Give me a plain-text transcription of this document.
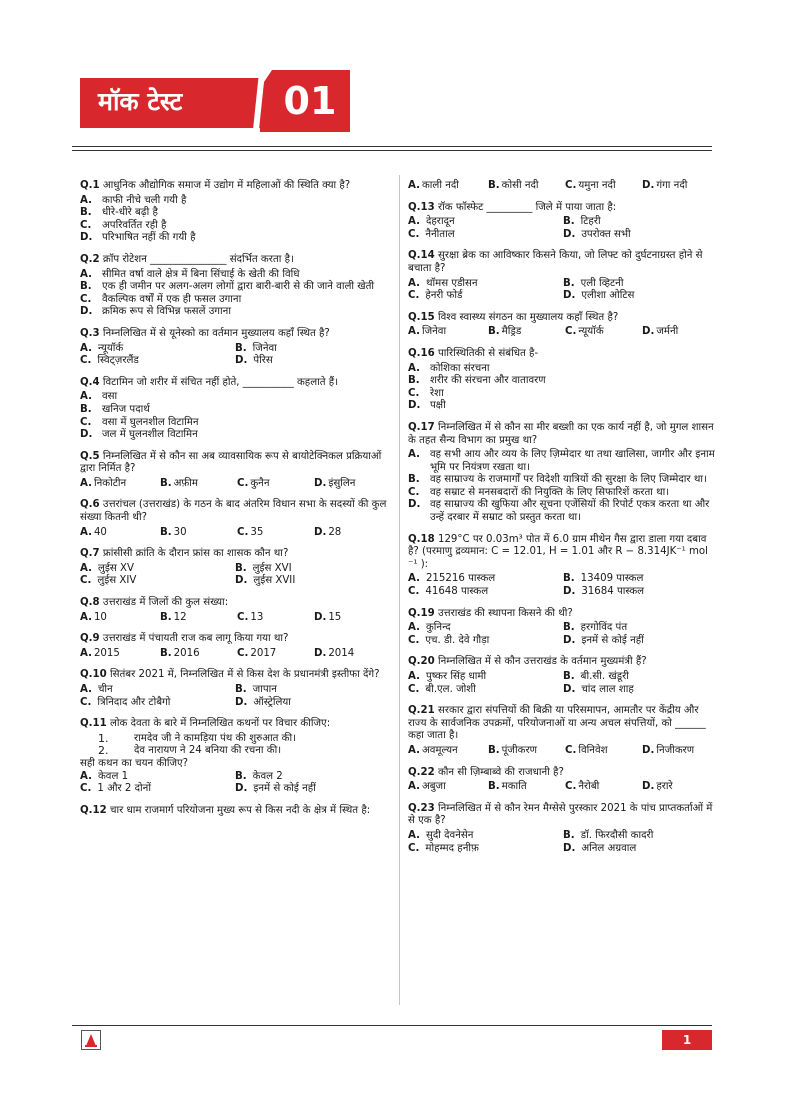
मॉक टेस्ट	01
Q.1 आधुनिक औद्योगिक समाज में उद्योग में महिलाओं की स्थिति क्या है?
A. काफी नीचे चली गयी है
B.	धीरे-धीरे बढ़ी है
C.	अपरिवर्तित रही है
D. परिभाषित नहीं की गयी है
Q.2 क्रॉप रोटेशन _______________ संदर्भित करता है।
A. सीमित वर्षा वाले क्षेत्र में बिना सिंचाई के खेती की विधि
B.	एक ही जमीन पर अलग-अलग लोगों द्वारा बारी-बारी से की जाने वाली खेती
C.	वैकल्पिक वर्षों में एक ही फसल उगाना
D. क्रमिक रूप से विभिन्न फसलें उगाना
Q.3 निम्नलिखित में से यूनेस्को का वर्तमान मुख्यालय कहाँ स्थित है?
A. न्यूयॉर्क	B. जिनेवा
C. स्विट्ज़रलैंड	D. पेरिस
Q.4 विटामिन जो शरीर में संचित नहीं होते, __________ कहलाते हैं।
A. वसा
B.	खनिज पदार्थ
C.	वसा में घुलनशील विटामिन
D. जल में घुलनशील विटामिन
Q.5 निम्नलिखित में से कौन सा अब व्यावसायिक रूप से बायोटेक्निकल प्रक्रियाओं द्वारा निर्मित है?
A. निकोटीन	B. अफ़ीम	C. कुनैन	D. इंसुलिन
Q.6 उत्तरांचल (उत्तराखंड) के गठन के बाद अंतरिम विधान सभा के सदस्यों की कुल संख्या कितनी थी?
A. 40	B. 30	C. 35	D. 28
Q.7 फ्रांसीसी क्रांति के दौरान फ्रांस का शासक कौन था?
A. लुईस XV	B. लुईस XVI
C. लुईस XIV	D. लुईस XVII
Q.8 उत्तराखंड में जिलों की कुल संख्या:
A. 10	B. 12	C. 13	D. 15
Q.9 उत्तराखंड में पंचायती राज कब लागू किया गया था?
A. 2015	B. 2016	C. 2017	D. 2014
Q.10 सितंबर 2021 में, निम्नलिखित में से किस देश के प्रधानमंत्री इस्तीफा देंगे?
A. चीन	B. जापान
C. त्रिनिदाद और टोबैगो	D. ऑस्ट्रेलिया
Q.11 लोक देवता के बारे में निम्नलिखित कथनों पर विचार कीजिए:
1.	रामदेव जी ने कामड़िया पंथ की शुरुआत की।
2.	देव नारायण ने 24 बनिया की रचना की।
सही कथन का चयन कीजिए?
A. केवल 1	B. केवल 2
C. 1 और 2 दोनों	D. इनमें से कोई नहीं
Q.12 चार धाम राजमार्ग परियोजना मुख्य रूप से किस नदी के क्षेत्र में स्थित है:
A. काली नदी	B. कोसी नदी	C. यमुना नदी	D. गंगा नदी
Q.13 रॉक फॉस्फेट _________ जिले में पाया जाता है:
A. देहरादून	B. टिहरी
C. नैनीताल	D. उपरोक्त सभी
Q.14 सुरक्षा ब्रेक का आविष्कार किसने किया, जो लिफ्ट को दुर्घटनाग्रस्त होने से बचाता है?
A. थॉमस एडीसन	B. एली व्हिटनी
C. हेनरी फोर्ड	D. एलीशा ओटिस
Q.15 विश्व स्वास्थ्य संगठन का मुख्यालय कहाँ स्थित है?
A. जिनेवा	B. मैड्रिड	C. न्यूयॉर्क	D. जर्मनी
Q.16 पारिस्थितिकी से संबंधित है-
A. कोशिका संरचना
B.	शरीर की संरचना और वातावरण
C.	रेशा
D. पक्षी
Q.17 निम्नलिखित में से कौन सा मीर बख्शी का एक कार्य नहीं है, जो मुगल शासन के तहत सैन्य विभाग का प्रमुख था?
A. वह सभी आय और व्यय के लिए ज़िम्मेदार था तथा खालिसा, जागीर और इनाम भूमि पर नियंत्रण रखता था।
B.	वह साम्राज्य के राजमार्गों पर विदेशी यात्रियों की सुरक्षा के लिए जिम्मेदार था।
C.	वह सम्राट से मनसबदारों की नियुक्ति के लिए सिफारिशें करता था।
D. वह साम्राज्य की खुफिया और सूचना एजेंसियों की रिपोर्ट एकत्र करता था और उन्हें दरबार में सम्राट को प्रस्तुत करता था।
Q.18 129°C पर 0.03m³ पोत में 6.0 ग्राम मीथेन गैस द्वारा डाला गया दबाव है? (परमाणु द्रव्यमान: C = 12.01, H = 1.01 और R − 8.314JK⁻¹ mol ⁻¹ ):
A. 215216 पास्कल	B. 13409 पास्कल
C. 41648 पास्कल	D. 31684 पास्कल
Q.19 उत्तराखंड की स्थापना किसने की थी?
A. कुनिन्द	B. हरगोविंद पंत
C. एच. डी. देवे गौड़ा	D. इनमें से कोई नहीं
Q.20 निम्नलिखित में से कौन उत्तराखंड के वर्तमान मुख्यमंत्री हैं?
A. पुष्कर सिंह धामी	B. बी.सी. खंडूरी
C. बी.एल. जोशी	D. चांद लाल शाह
Q.21 सरकार द्वारा संपत्तियों की बिक्री या परिसमापन, आमतौर पर केंद्रीय और राज्य के सार्वजनिक उपक्रमों, परियोजनाओं या अन्य अचल संपत्तियों, को ______ कहा जाता है।
A. अवमूल्यन	B. पूंजीकरण	C. विनिवेश	D. निजीकरण
Q.22 कौन सी ज़िम्बाब्वे की राजधानी है?
A. अबुजा	B. मकाति	C. नैरोबी	D. हरारे
Q.23 निम्नलिखित में से कौन रेमन मैग्सेसे पुरस्कार 2021 के पांच प्राप्तकर्ताओं में से एक है?
A. सुदी देवनेसेन	B. डॉ. फिरदौसी कादरी
C. मोहम्मद हनीफ़	D. अनिल अग्रवाल
1
